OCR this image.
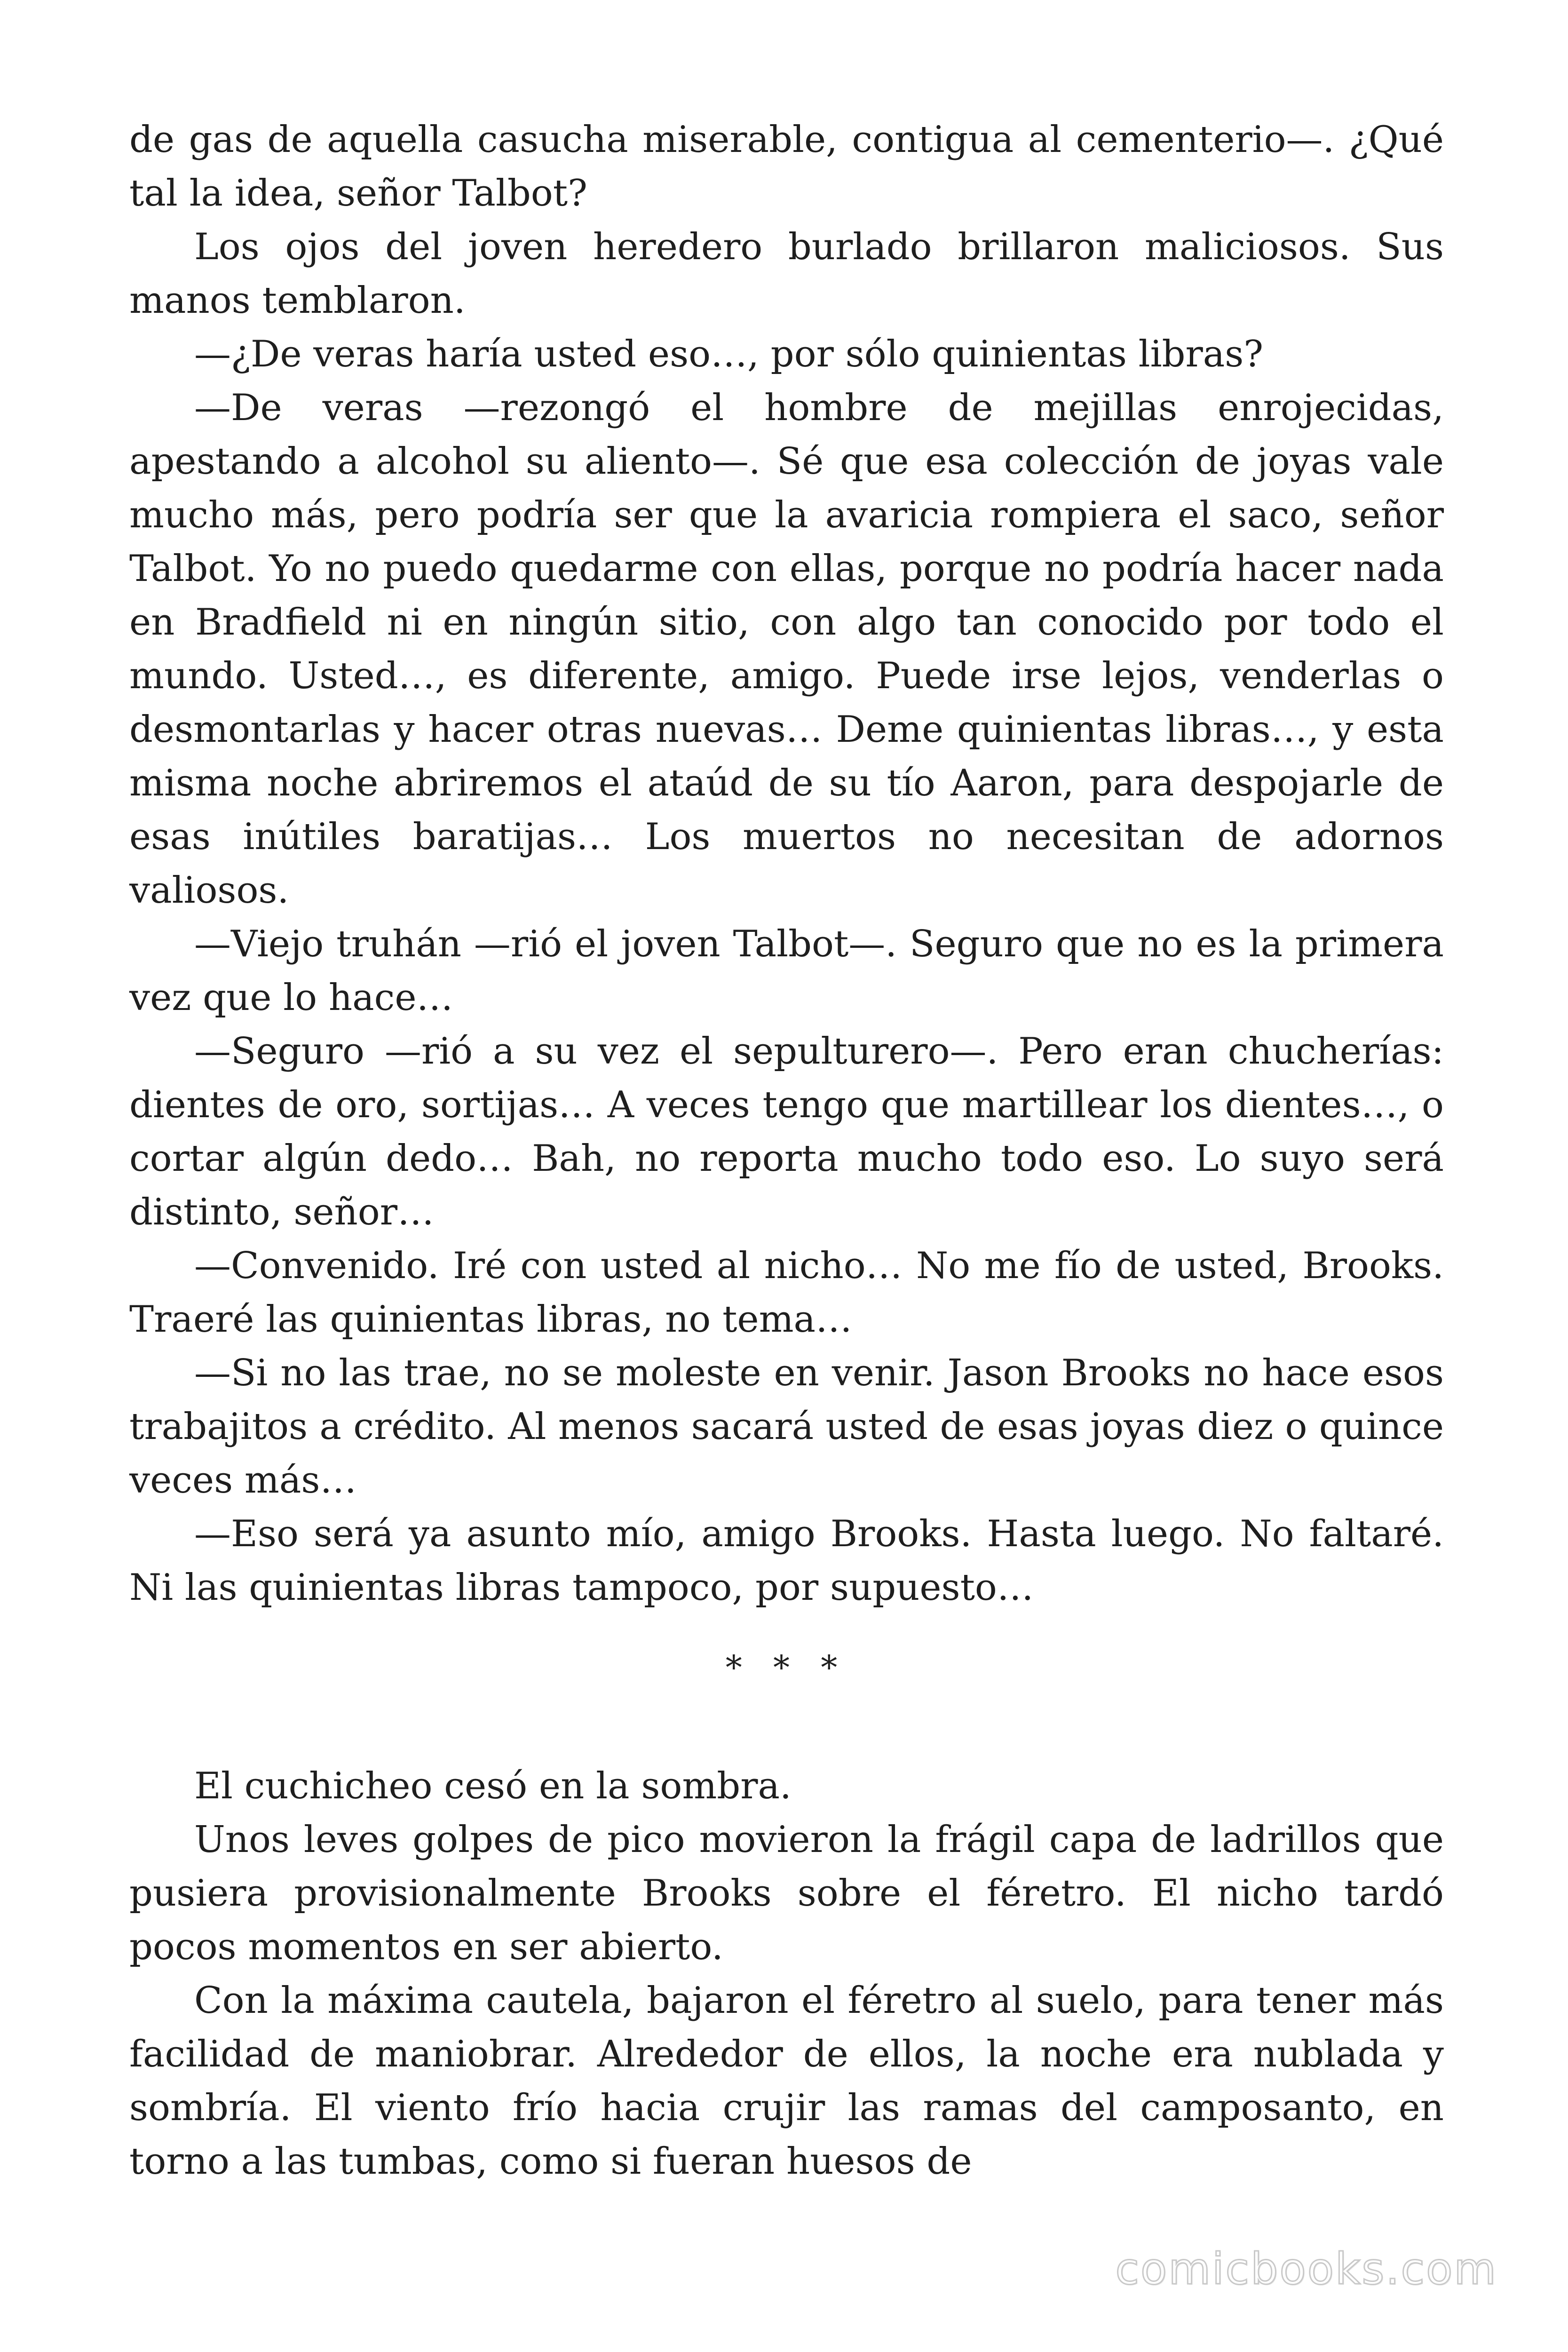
de gas de aquella casucha miserable, contigua al cementerio—. ¿Qué tal la idea, señor Talbot?

Los ojos del joven heredero burlado brillaron maliciosos. Sus manos temblaron.

—¿De veras haría usted eso…, por sólo quinientas libras?

—De veras —rezongó el hombre de mejillas enrojecidas, apestando a alcohol su aliento—. Sé que esa colección de joyas vale mucho más, pero podría ser que la avaricia rompiera el saco, señor Talbot. Yo no puedo quedarme con ellas, porque no podría hacer nada en Bradfield ni en ningún sitio, con algo tan conocido por todo el mundo. Usted…, es diferente, amigo. Puede irse lejos, venderlas o desmontarlas y hacer otras nuevas… Deme quinientas libras…, y esta misma noche abriremos el ataúd de su tío Aaron, para despojarle de esas inútiles baratijas… Los muertos no necesitan de adornos valiosos.

—Viejo truhán —rió el joven Talbot—. Seguro que no es la primera vez que lo hace…

—Seguro —rió a su vez el sepulturero—. Pero eran chucherías: dientes de oro, sortijas… A veces tengo que martillear los dientes…, o cortar algún dedo… Bah, no reporta mucho todo eso. Lo suyo será distinto, señor…

—Convenido. Iré con usted al nicho… No me fío de usted, Brooks. Traeré las quinientas libras, no tema…

—Si no las trae, no se moleste en venir. Jason Brooks no hace esos trabajitos a crédito. Al menos sacará usted de esas joyas diez o quince veces más…

—Eso será ya asunto mío, amigo Brooks. Hasta luego. No faltaré. Ni las quinientas libras tampoco, por supuesto…

* * *

El cuchicheo cesó en la sombra.

Unos leves golpes de pico movieron la frágil capa de ladrillos que pusiera provisionalmente Brooks sobre el féretro. El nicho tardó pocos momentos en ser abierto.

Con la máxima cautela, bajaron el féretro al suelo, para tener más facilidad de maniobrar. Alrededor de ellos, la noche era nublada y sombría. El viento frío hacia crujir las ramas del camposanto, en torno a las tumbas, como si fueran huesos de

comicbooks.com
